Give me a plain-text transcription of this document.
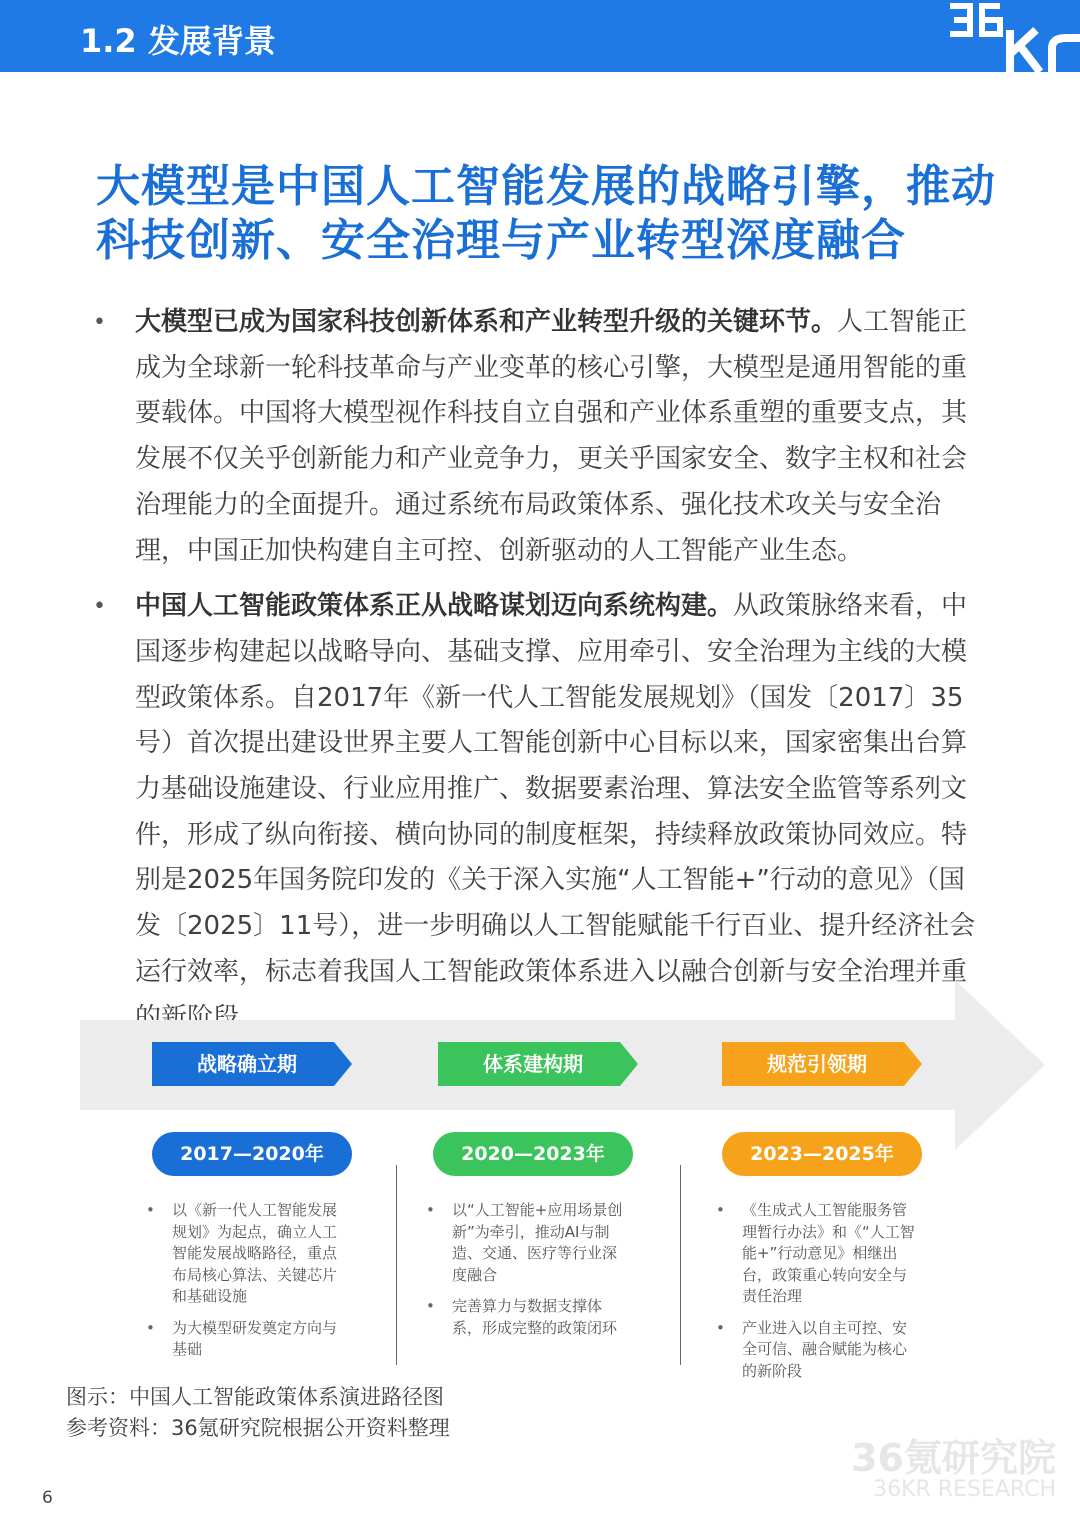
1.2 发展背景
大模型是中国人工智能发展的战略引擎，推动科技创新、安全治理与产业转型深度融合
• 大模型已成为国家科技创新体系和产业转型升级的关键环节。人工智能正成为全球新一轮科技革命与产业变革的核心引擎，大模型是通用智能的重要载体。中国将大模型视作科技自立自强和产业体系重塑的重要支点，其发展不仅关乎创新能力和产业竞争力，更关乎国家安全、数字主权和社会治理能力的全面提升。通过系统布局政策体系、强化技术攻关与安全治理，中国正加快构建自主可控、创新驱动的人工智能产业生态。
• 中国人工智能政策体系正从战略谋划迈向系统构建。从政策脉络来看，中国逐步构建起以战略导向、基础支撑、应用牵引、安全治理为主线的大模型政策体系。自2017年《新一代人工智能发展规划》（国发〔2017〕35号）首次提出建设世界主要人工智能创新中心目标以来，国家密集出台算力基础设施建设、行业应用推广、数据要素治理、算法安全监管等系列文件，形成了纵向衔接、横向协同的制度框架，持续释放政策协同效应。特别是2025年国务院印发的《关于深入实施“人工智能+”行动的意见》（国发〔2025〕11号），进一步明确以人工智能赋能千行百业、提升经济社会运行效率，标志着我国人工智能政策体系进入以融合创新与安全治理并重的新阶段。
战略确立期
2017—2020年
• 以《新一代人工智能发展规划》为起点，确立人工智能发展战略路径，重点布局核心算法、关键芯片和基础设施
• 为大模型研发奠定方向与基础
体系建构期
2020—2023年
• 以“人工智能+应用场景创新”为牵引，推动AI与制造、交通、医疗等行业深度融合
• 完善算力与数据支撑体系，形成完整的政策闭环
规范引领期
2023—2025年
• 《生成式人工智能服务管理暂行办法》和《“人工智能+”行动意见》相继出台，政策重心转向安全与责任治理
• 产业进入以自主可控、安全可信、融合赋能为核心的新阶段
图示：中国人工智能政策体系演进路径图
参考资料：36氪研究院根据公开资料整理
6
36氪研究院
36KR RESEARCH
